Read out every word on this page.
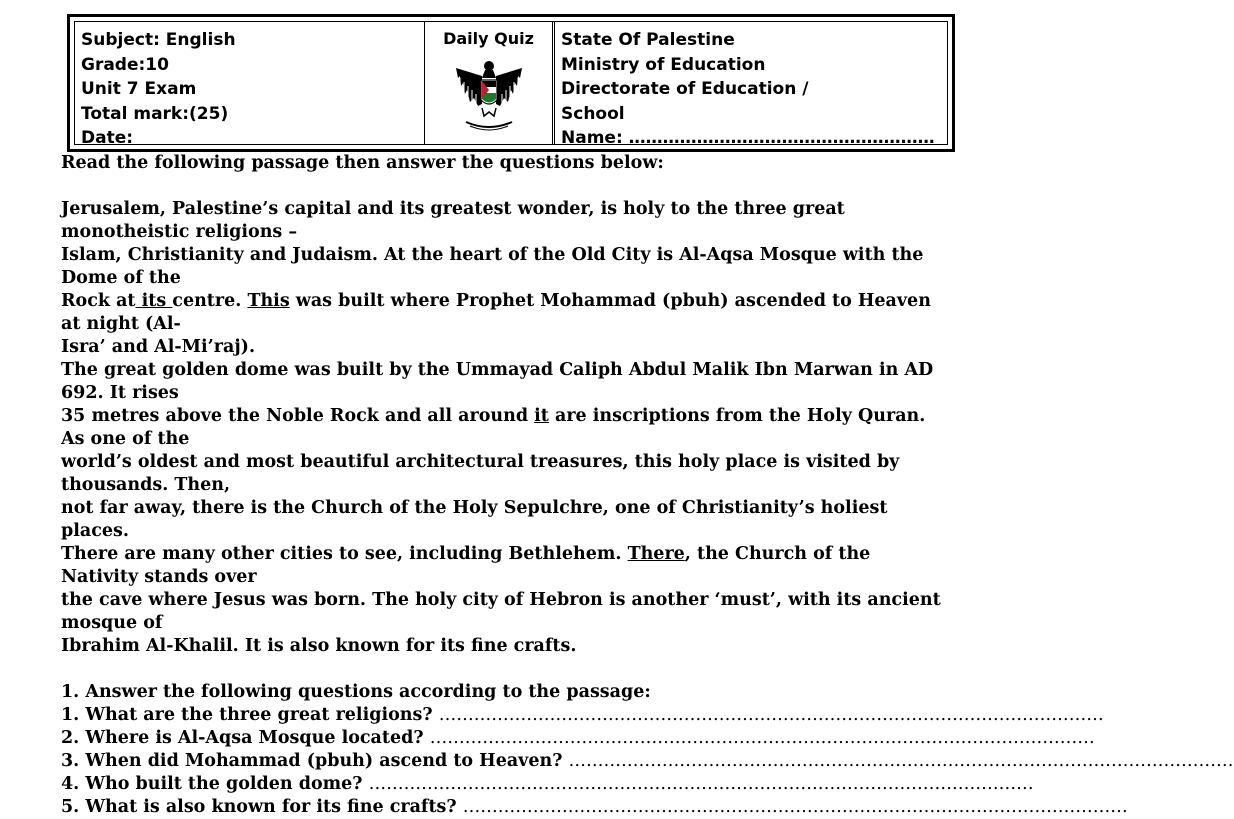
Subject: English
Grade:10
Unit 7 Exam
Total mark:(25)
Date:
Daily Quiz	State Of Palestine
Ministry of Education
Directorate of Education /
School
Name: ………………………………………………

Read the following passage then answer the questions below:

Jerusalem, Palestine’s capital and its greatest wonder, is holy to the three great monotheistic religions –
Islam, Christianity and Judaism. At the heart of the Old City is Al-Aqsa Mosque with the Dome of the
Rock at its centre. This was built where Prophet Mohammad (pbuh) ascended to Heaven at night (Al-
Isra’ and Al-Mi’raj).

The great golden dome was built by the Ummayad Caliph Abdul Malik Ibn Marwan in AD 692. It rises
35 metres above the Noble Rock and all around it are inscriptions from the Holy Quran. As one of the
world’s oldest and most beautiful architectural treasures, this holy place is visited by thousands. Then,
not far away, there is the Church of the Holy Sepulchre, one of Christianity’s holiest places.

There are many other cities to see, including Bethlehem. There, the Church of the Nativity stands over
the cave where Jesus was born. The holy city of Hebron is another ‘must’, with its ancient mosque of
Ibrahim Al-Khalil. It is also known for its fine crafts.

1. Answer the following questions according to the passage:

1. What are the three great religions? ……………………………………………………………………………………………………
2. Where is Al-Aqsa Mosque located? ……………………………………………………………………………………………………
3. When did Mohammad (pbuh) ascend to Heaven? ……………………………………………………………………………………………………
4. Who built the golden dome? ……………………………………………………………………………………………………
5. What is also known for its fine crafts? ……………………………………………………………………………………………………
